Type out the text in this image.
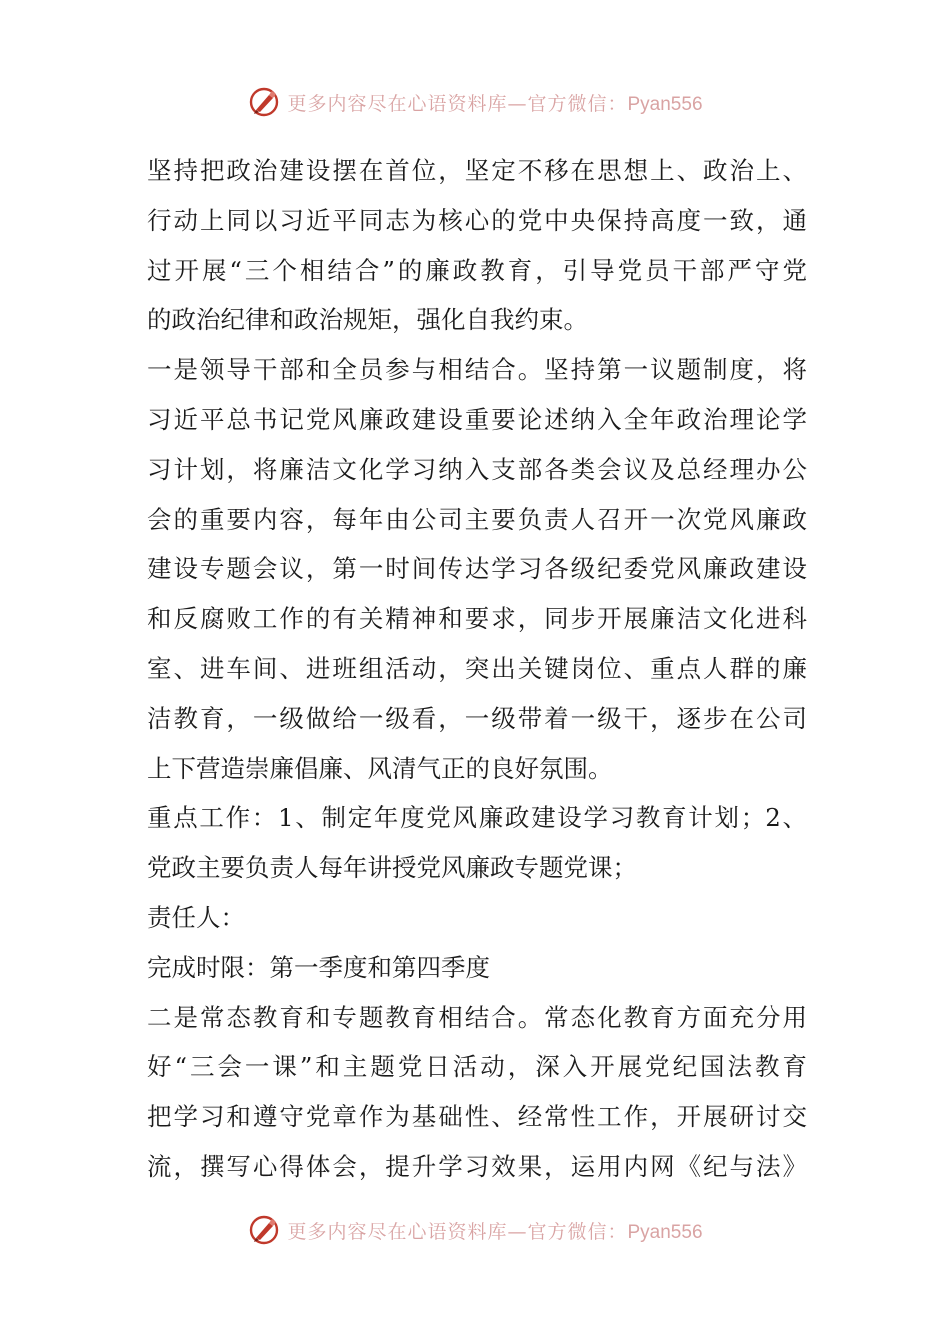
更多内容尽在心语资料库—官方微信：Pyan556
坚持把政治建设摆在首位，坚定不移在思想上、政治上、
行动上同以习近平同志为核心的党中央保持高度一致，通
过开展“三个相结合”的廉政教育，引导党员干部严守党
的政治纪律和政治规矩，强化自我约束。
一是领导干部和全员参与相结合。坚持第一议题制度，将
习近平总书记党风廉政建设重要论述纳入全年政治理论学
习计划，将廉洁文化学习纳入支部各类会议及总经理办公
会的重要内容，每年由公司主要负责人召开一次党风廉政
建设专题会议，第一时间传达学习各级纪委党风廉政建设
和反腐败工作的有关精神和要求，同步开展廉洁文化进科
室、进车间、进班组活动，突出关键岗位、重点人群的廉
洁教育，一级做给一级看，一级带着一级干，逐步在公司
上下营造崇廉倡廉、风清气正的良好氛围。
重点工作：1、制定年度党风廉政建设学习教育计划；2、
党政主要负责人每年讲授党风廉政专题党课；
责任人：
完成时限：第一季度和第四季度
二是常态教育和专题教育相结合。常态化教育方面充分用
好“三会一课”和主题党日活动，深入开展党纪国法教育
把学习和遵守党章作为基础性、经常性工作，开展研讨交
流，撰写心得体会，提升学习效果，运用内网《纪与法》
更多内容尽在心语资料库—官方微信：Pyan556
